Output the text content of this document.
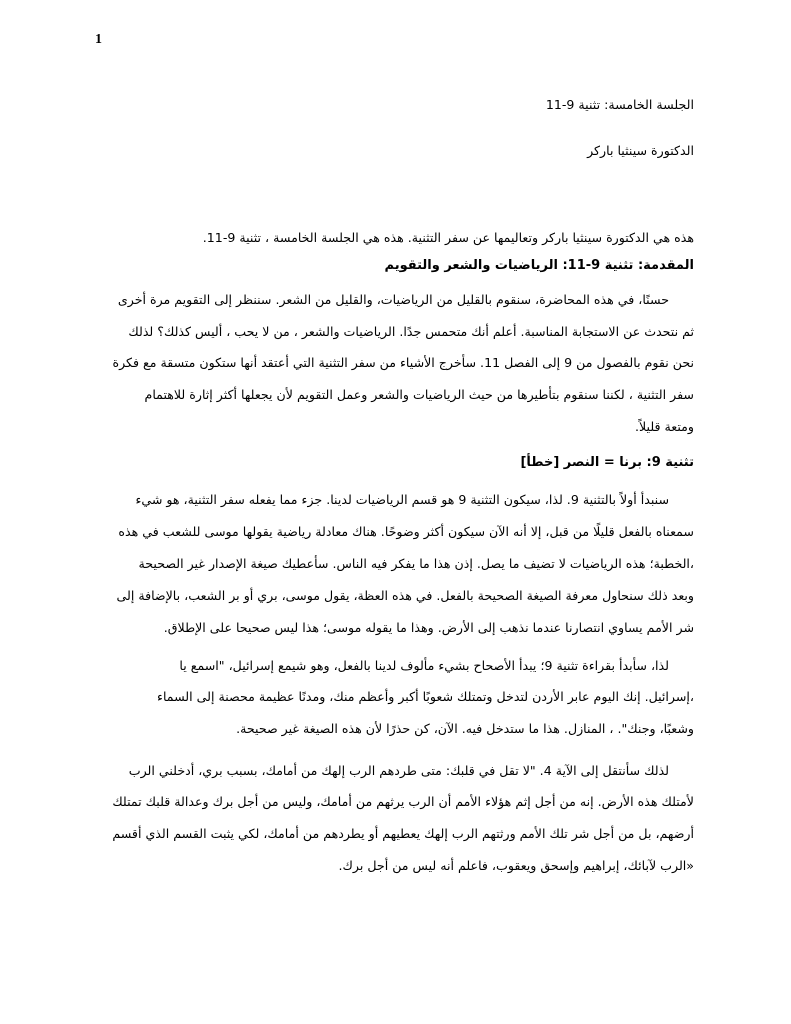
1
الجلسة الخامسة: تثنية 9-11
الدكتورة سينثيا باركر
هذه هي الدكتورة سينثيا باركر وتعاليمها عن سفر التثنية. هذه هي الجلسة الخامسة ، تثنية 9-11.
المقدمة: تثنية 9-11: الرياضيات والشعر والتقويم
حسنًا، في هذه المحاضرة، سنقوم بالقليل من الرياضيات، والقليل من الشعر. سننظر إلى التقويم مرة أخرى
ثم نتحدث عن الاستجابة المناسبة. أعلم أنك متحمس جدًا. الرياضيات والشعر ، من لا يحب ، أليس كذلك؟ لذلك
نحن نقوم بالفصول من 9 إلى الفصل 11. سأخرج الأشياء من سفر التثنية التي أعتقد أنها ستكون متسقة مع فكرة
سفر التثنية ، لكننا سنقوم بتأطيرها من حيث الرياضيات والشعر وعمل التقويم لأن يجعلها أكثر إثارة للاهتمام
ومتعة قليلاً.
تثنية 9: برنا = النصر [خطأ]
سنبدأ أولاً بالتثنية 9. لذا، سيكون التثنية 9 هو قسم الرياضيات لدينا. جزء مما يفعله سفر التثنية، هو شيء
سمعناه بالفعل قليلًا من قبل، إلا أنه الآن سيكون أكثر وضوحًا. هناك معادلة رياضية يقولها موسى للشعب في هذه
،الخطبة؛ هذه الرياضيات لا تضيف ما يصل. إذن هذا ما يفكر فيه الناس. سأعطيك صيغة الإصدار غير الصحيحة
وبعد ذلك سنحاول معرفة الصيغة الصحيحة بالفعل. في هذه العظة، يقول موسى، بري أو بر الشعب، بالإضافة إلى
شر الأمم يساوي انتصارنا عندما نذهب إلى الأرض. وهذا ما يقوله موسى؛ هذا ليس صحيحا على الإطلاق.
لذا، سأبدأ بقراءة تثنية 9؛ يبدأ الأصحاح بشيء مألوف لدينا بالفعل، وهو شيمع إسرائيل، "اسمع يا
،إسرائيل. إنك اليوم عابر الأردن لتدخل وتمتلك شعوبًا أكبر وأعظم منك، ومدنًا عظيمة محصنة إلى السماء
وشعبًا، وجنك". ، المنازل. هذا ما ستدخل فيه. الآن، كن حذرًا لأن هذه الصيغة غير صحيحة.
لذلك سأنتقل إلى الآية 4. "لا تقل في قلبك: متى طردهم الرب إلهك من أمامك، بسبب بري، أدخلني الرب
لأمتلك هذه الأرض. إنه من أجل إثم هؤلاء الأمم أن الرب يرثهم من أمامك، وليس من أجل برك وعدالة قلبك تمتلك
أرضهم، بل من أجل شر تلك الأمم ورثتهم الرب إلهك يعطيهم أو يطردهم من أمامك، لكي يثبت القسم الذي أقسم
«الرب لآبائك، إبراهيم وإسحق ويعقوب، فاعلم أنه ليس من أجل برك.
